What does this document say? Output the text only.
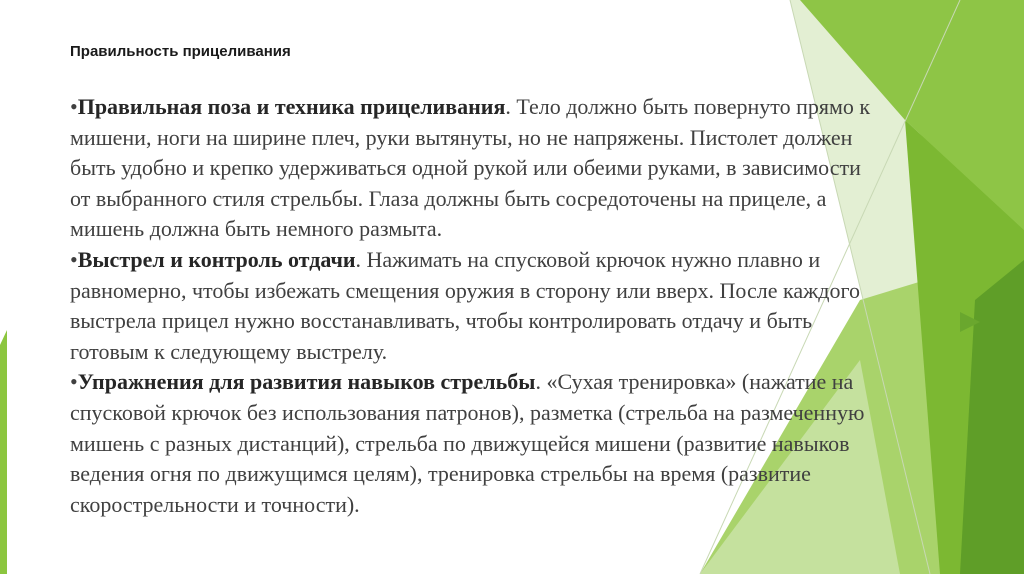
Правильность прицеливания

•Правильная поза и техника прицеливания. Тело должно быть повернуто прямо к мишени, ноги на ширине плеч, руки вытянуты, но не напряжены. Пистолет должен быть удобно и крепко удерживаться одной рукой или обеими руками, в зависимости от выбранного стиля стрельбы. Глаза должны быть сосредоточены на прицеле, а мишень должна быть немного размыта.

•Выстрел и контроль отдачи. Нажимать на спусковой крючок нужно плавно и равномерно, чтобы избежать смещения оружия в сторону или вверх. После каждого выстрела прицел нужно восстанавливать, чтобы контролировать отдачу и быть готовым к следующему выстрелу.

•Упражнения для развития навыков стрельбы. «Сухая тренировка» (нажатие на спусковой крючок без использования патронов), разметка (стрельба на размеченную мишень с разных дистанций), стрельба по движущейся мишени (развитие навыков ведения огня по движущимся целям), тренировка стрельбы на время (развитие скорострельности и точности).
